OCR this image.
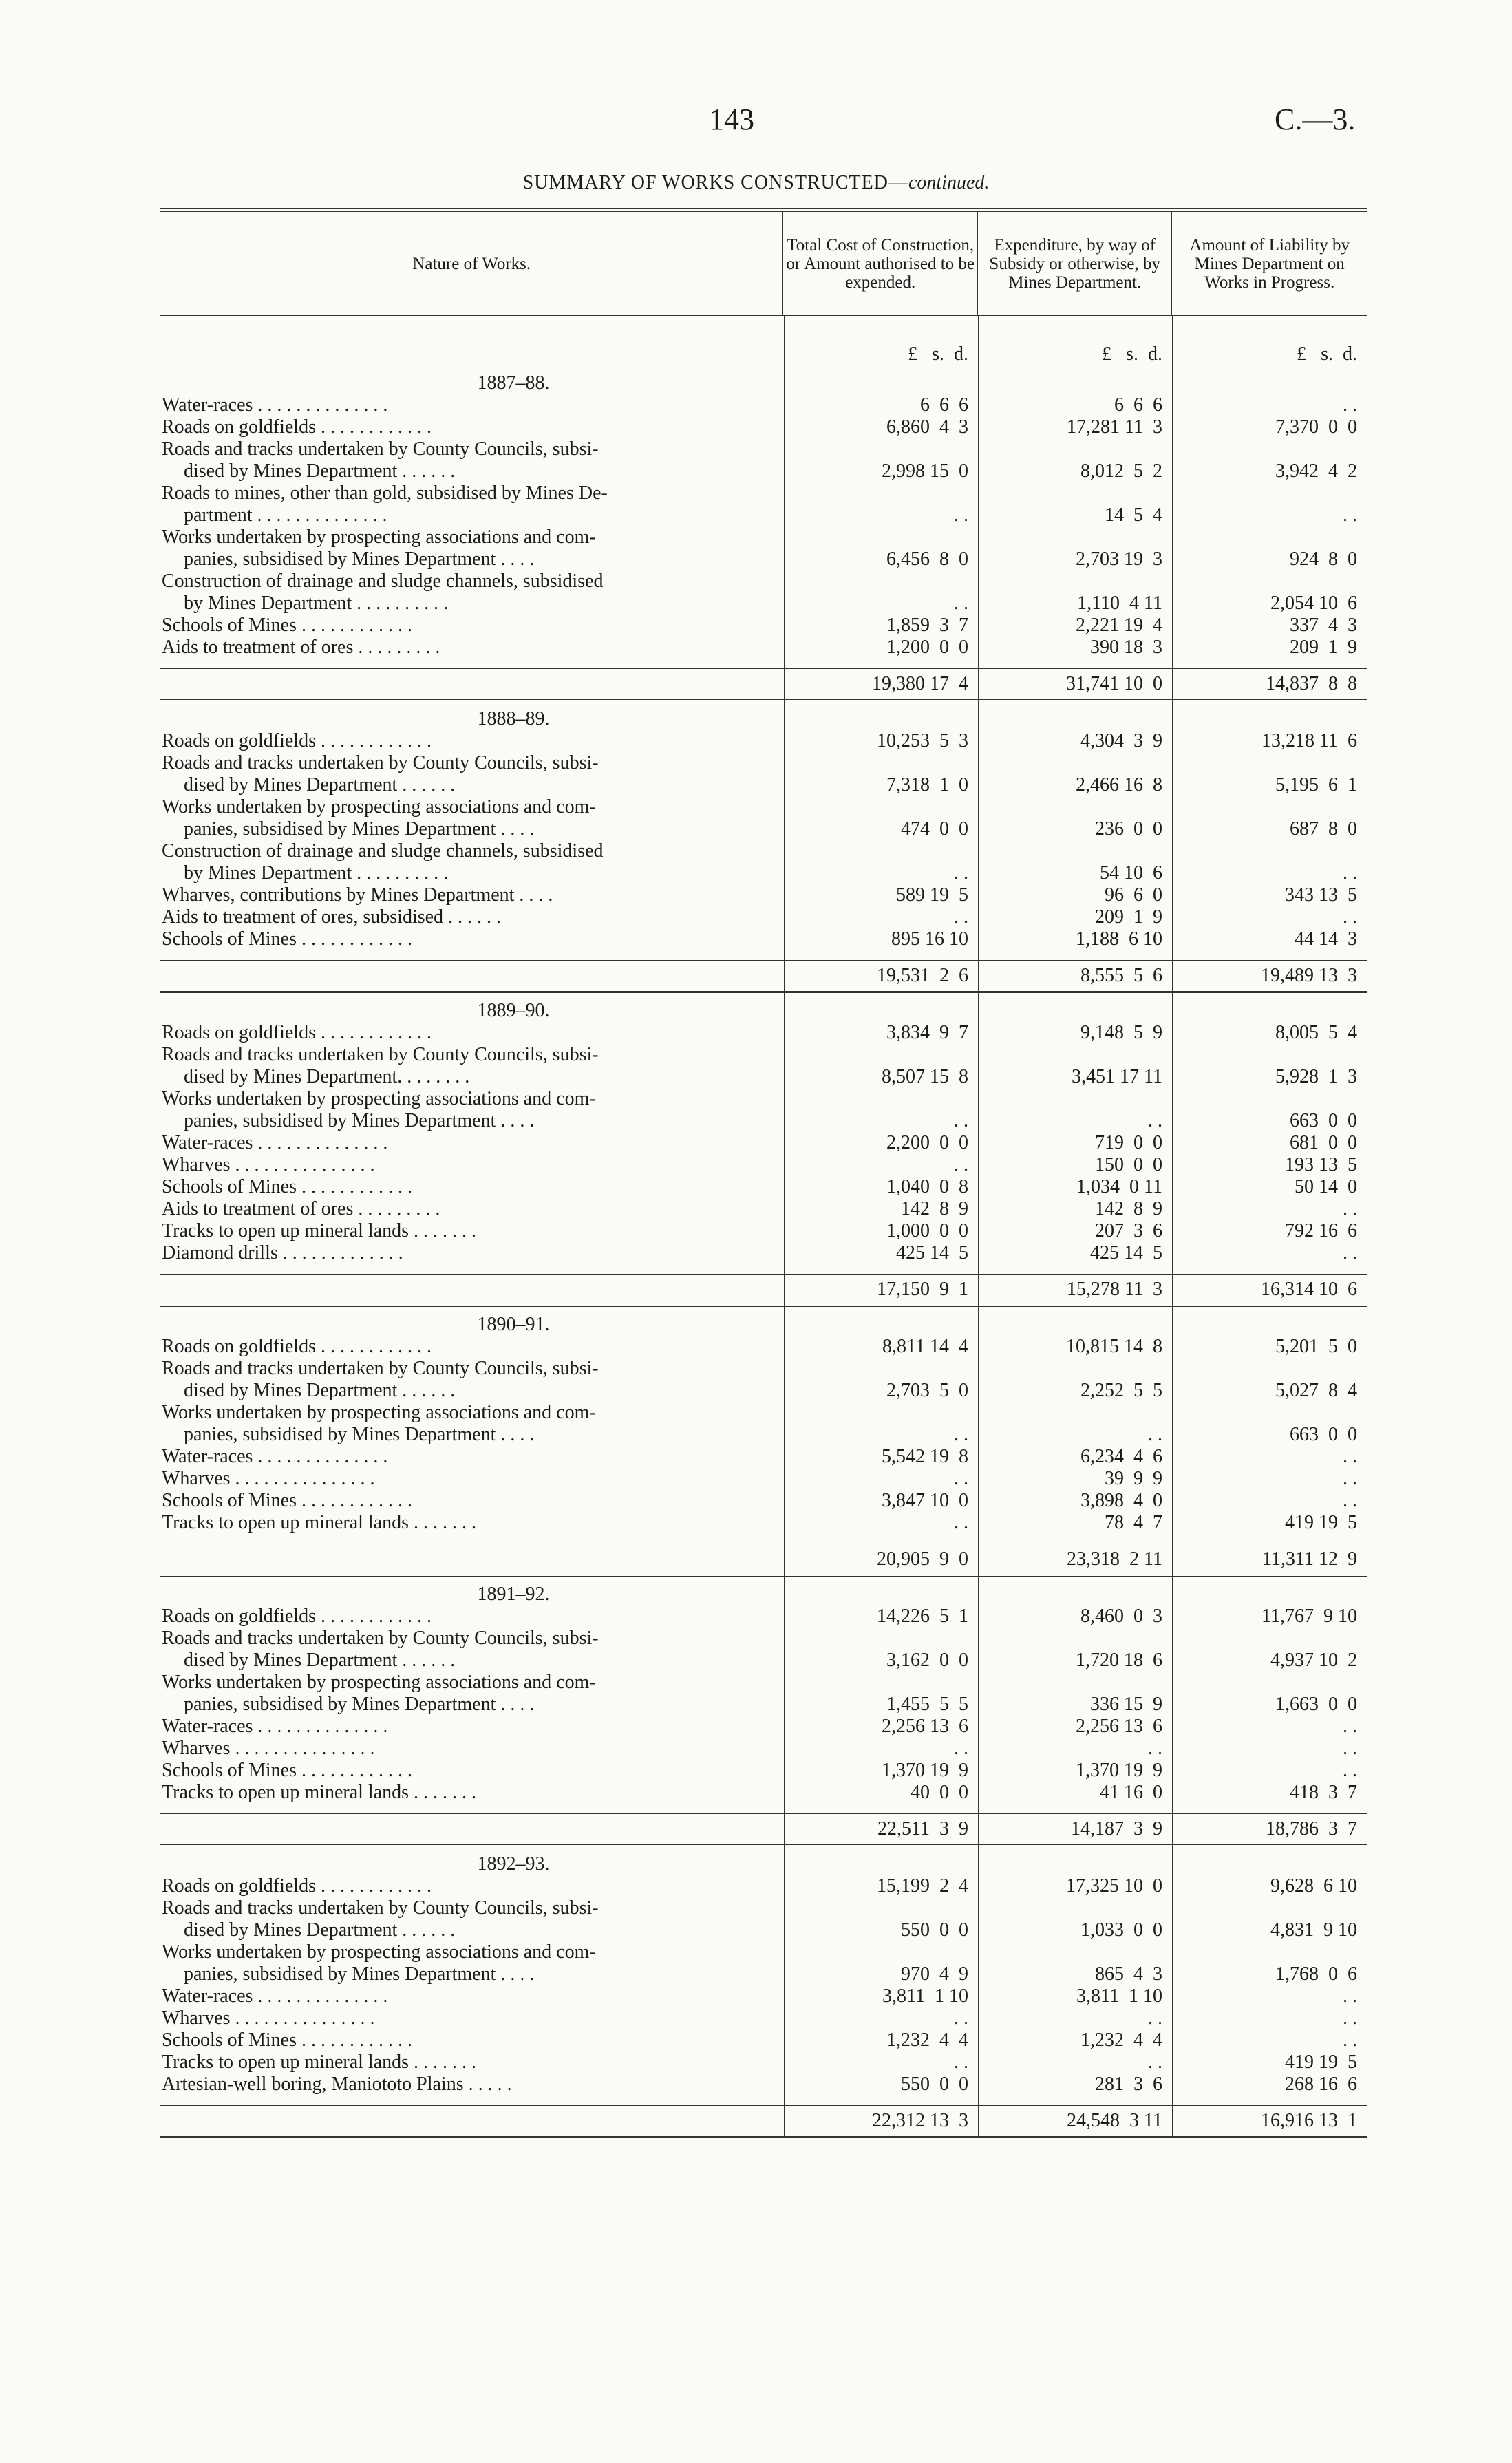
143	C.—3.
SUMMARY OF WORKS CONSTRUCTED—continued.
Nature of Works.
Total Cost of Construction, or Amount authorised to be expended.
Expenditure, by way of Subsidy or otherwise, by Mines Department.
Amount of Liability by Mines Department on Works in Progress.
£   s.  d.	£   s.  d.	£   s.  d.
1887–88.
Water-races . . . . . . . . . . . . . .	6  6  6	6  6  6	. .
Roads on goldfields . . . . . . . . . . . .	6,860  4  3	17,281 11  3	7,370  0  0
Roads and tracks undertaken by County Councils, subsi-
dised by Mines Department . . . . . .	2,998 15  0	8,012  5  2	3,942  4  2
Roads to mines, other than gold, subsidised by Mines De-
partment . . . . . . . . . . . . . .	. .	14  5  4	. .
Works undertaken by prospecting associations and com-
panies, subsidised by Mines Department . . . .	6,456  8  0	2,703 19  3	924  8  0
Construction of drainage and sludge channels, subsidised
by Mines Department . . . . . . . . . .	. .	1,110  4 11	2,054 10  6
Schools of Mines . . . . . . . . . . . .	1,859  3  7	2,221 19  4	337  4  3
Aids to treatment of ores . . . . . . . . .	1,200  0  0	390 18  3	209  1  9
19,380 17  4	31,741 10  0	14,837  8  8
1888–89.
Roads on goldfields . . . . . . . . . . . .	10,253  5  3	4,304  3  9	13,218 11  6
Roads and tracks undertaken by County Councils, subsi-
dised by Mines Department . . . . . .	7,318  1  0	2,466 16  8	5,195  6  1
Works undertaken by prospecting associations and com-
panies, subsidised by Mines Department . . . .	474  0  0	236  0  0	687  8  0
Construction of drainage and sludge channels, subsidised
by Mines Department . . . . . . . . . .	. .	54 10  6	. .
Wharves, contributions by Mines Department . . . .	589 19  5	96  6  0	343 13  5
Aids to treatment of ores, subsidised . . . . . .	. .	209  1  9	. .
Schools of Mines . . . . . . . . . . . .	895 16 10	1,188  6 10	44 14  3
19,531  2  6	8,555  5  6	19,489 13  3
1889–90.
Roads on goldfields . . . . . . . . . . . .	3,834  9  7	9,148  5  9	8,005  5  4
Roads and tracks undertaken by County Councils, subsi-
dised by Mines Department. . . . . . . .	8,507 15  8	3,451 17 11	5,928  1  3
Works undertaken by prospecting associations and com-
panies, subsidised by Mines Department . . . .	. .	. .	663  0  0
Water-races . . . . . . . . . . . . . .	2,200  0  0	719  0  0	681  0  0
Wharves . . . . . . . . . . . . . . .	. .	150  0  0	193 13  5
Schools of Mines . . . . . . . . . . . .	1,040  0  8	1,034  0 11	50 14  0
Aids to treatment of ores . . . . . . . . .	142  8  9	142  8  9	. .
Tracks to open up mineral lands . . . . . . .	1,000  0  0	207  3  6	792 16  6
Diamond drills . . . . . . . . . . . . .	425 14  5	425 14  5	. .
17,150  9  1	15,278 11  3	16,314 10  6
1890–91.
Roads on goldfields . . . . . . . . . . . .	8,811 14  4	10,815 14  8	5,201  5  0
Roads and tracks undertaken by County Councils, subsi-
dised by Mines Department . . . . . .	2,703  5  0	2,252  5  5	5,027  8  4
Works undertaken by prospecting associations and com-
panies, subsidised by Mines Department . . . .	. .	. .	663  0  0
Water-races . . . . . . . . . . . . . .	5,542 19  8	6,234  4  6	. .
Wharves . . . . . . . . . . . . . . .	. .	39  9  9	. .
Schools of Mines . . . . . . . . . . . .	3,847 10  0	3,898  4  0	. .
Tracks to open up mineral lands . . . . . . .	. .	78  4  7	419 19  5
20,905  9  0	23,318  2 11	11,311 12  9
1891–92.
Roads on goldfields . . . . . . . . . . . .	14,226  5  1	8,460  0  3	11,767  9 10
Roads and tracks undertaken by County Councils, subsi-
dised by Mines Department . . . . . .	3,162  0  0	1,720 18  6	4,937 10  2
Works undertaken by prospecting associations and com-
panies, subsidised by Mines Department . . . .	1,455  5  5	336 15  9	1,663  0  0
Water-races . . . . . . . . . . . . . .	2,256 13  6	2,256 13  6	. .
Wharves . . . . . . . . . . . . . . .	. .	. .	. .
Schools of Mines . . . . . . . . . . . .	1,370 19  9	1,370 19  9	. .
Tracks to open up mineral lands . . . . . . .	40  0  0	41 16  0	418  3  7
22,511  3  9	14,187  3  9	18,786  3  7
1892–93.
Roads on goldfields . . . . . . . . . . . .	15,199  2  4	17,325 10  0	9,628  6 10
Roads and tracks undertaken by County Councils, subsi-
dised by Mines Department . . . . . .	550  0  0	1,033  0  0	4,831  9 10
Works undertaken by prospecting associations and com-
panies, subsidised by Mines Department . . . .	970  4  9	865  4  3	1,768  0  6
Water-races . . . . . . . . . . . . . .	3,811  1 10	3,811  1 10	. .
Wharves . . . . . . . . . . . . . . .	. .	. .	. .
Schools of Mines . . . . . . . . . . . .	1,232  4  4	1,232  4  4	. .
Tracks to open up mineral lands . . . . . . .	. .	. .	419 19  5
Artesian-well boring, Maniototo Plains . . . . .	550  0  0	281  3  6	268 16  6
22,312 13  3	24,548  3 11	16,916 13  1
